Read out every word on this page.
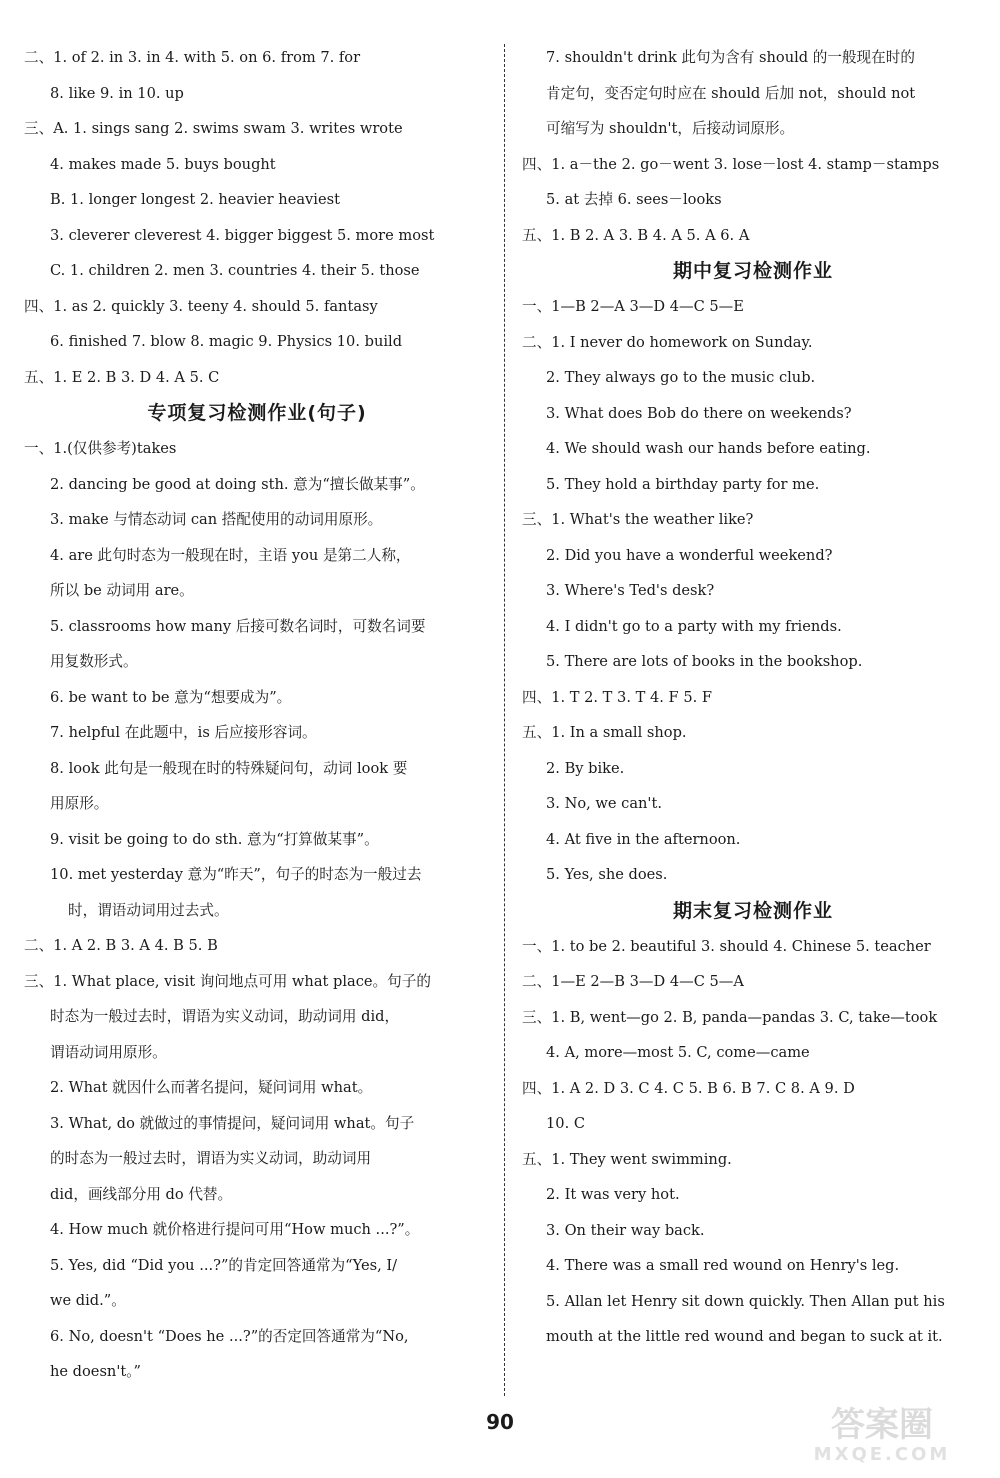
二、1. of 2. in 3. in 4. with 5. on 6. from 7. for
8. like 9. in 10. up
三、A. 1. sings sang 2. swims swam 3. writes wrote
4. makes made 5. buys bought
B. 1. longer longest 2. heavier heaviest
3. cleverer cleverest 4. bigger biggest 5. more most
C. 1. children 2. men 3. countries 4. their 5. those
四、1. as 2. quickly 3. teeny 4. should 5. fantasy
6. finished 7. blow 8. magic 9. Physics 10. build
五、1. E 2. B 3. D 4. A 5. C
专项复习检测作业(句子)
一、1.(仅供参考)takes
2. dancing be good at doing sth. 意为“擅长做某事”。
3. make 与情态动词 can 搭配使用的动词用原形。
4. are 此句时态为一般现在时，主语 you 是第二人称，
所以 be 动词用 are。
5. classrooms how many 后接可数名词时，可数名词要
用复数形式。
6. be want to be 意为“想要成为”。
7. helpful 在此题中，is 后应接形容词。
8. look 此句是一般现在时的特殊疑问句，动词 look 要
用原形。
9. visit be going to do sth. 意为“打算做某事”。
10. met yesterday 意为“昨天”，句子的时态为一般过去
时，谓语动词用过去式。
二、1. A 2. B 3. A 4. B 5. B
三、1. What place, visit 询问地点可用 what place。句子的
时态为一般过去时，谓语为实义动词，助动词用 did，
谓语动词用原形。
2. What 就因什么而著名提问，疑问词用 what。
3. What, do 就做过的事情提问，疑问词用 what。句子
的时态为一般过去时，谓语为实义动词，助动词用
did，画线部分用 do 代替。
4. How much 就价格进行提问可用“How much ...?”。
5. Yes, did “Did you ...?”的肯定回答通常为“Yes, I/
we did.”。
6. No, doesn't “Does he ...?”的否定回答通常为“No,
he doesn't。”
7. shouldn't drink 此句为含有 should 的一般现在时的
肯定句，变否定句时应在 should 后加 not，should not
可缩写为 shouldn't，后接动词原形。
四、1. a－the 2. go－went 3. lose－lost 4. stamp－stamps
5. at 去掉 6. sees－looks
五、1. B 2. A 3. B 4. A 5. A 6. A
期中复习检测作业
一、1—B 2—A 3—D 4—C 5—E
二、1. I never do homework on Sunday.
2. They always go to the music club.
3. What does Bob do there on weekends?
4. We should wash our hands before eating.
5. They hold a birthday party for me.
三、1. What's the weather like?
2. Did you have a wonderful weekend?
3. Where's Ted's desk?
4. I didn't go to a party with my friends.
5. There are lots of books in the bookshop.
四、1. T 2. T 3. T 4. F 5. F
五、1. In a small shop.
2. By bike.
3. No, we can't.
4. At five in the afternoon.
5. Yes, she does.
期末复习检测作业
一、1. to be 2. beautiful 3. should 4. Chinese 5. teacher
二、1—E 2—B 3—D 4—C 5—A
三、1. B, went—go 2. B, panda—pandas 3. C, take—took
4. A, more—most 5. C, come—came
四、1. A 2. D 3. C 4. C 5. B 6. B 7. C 8. A 9. D
10. C
五、1. They went swimming.
2. It was very hot.
3. On their way back.
4. There was a small red wound on Henry's leg.
5. Allan let Henry sit down quickly. Then Allan put his
mouth at the little red wound and began to suck at it.
90	答案圈
MXQE.COM
